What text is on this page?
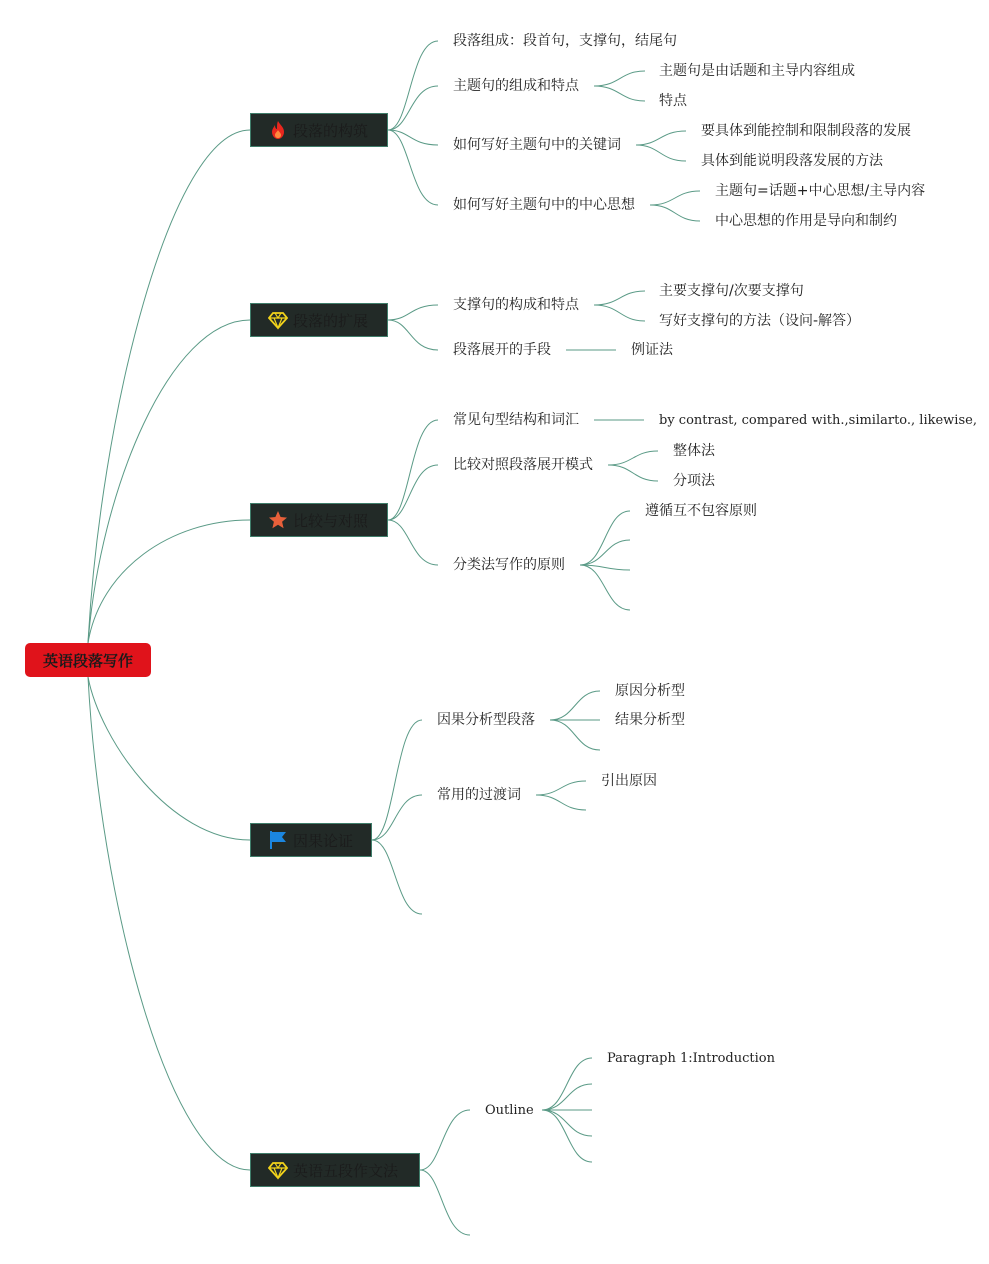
英语段落写作
段落的构筑
段落的扩展
比较与对照
因果论证
英语五段作文法
段落组成：段首句，支撑句，结尾句
主题句的组成和特点
主题句是由话题和主导内容组成
特点
如何写好主题句中的关键词
要具体到能控制和限制段落的发展
具体到能说明段落发展的方法
如何写好主题句中的中心思想
主题句=话题+中心思想/主导内容
中心思想的作用是导向和制约
支撑句的构成和特点
主要支撑句/次要支撑句
写好支撑句的方法（设问-解答）
段落展开的手段	例证法
常见句型结构和词汇	by contrast, compared with.,similarto., likewise,
比较对照段落展开模式
整体法
分项法
分类法写作的原则
遵循互不包容原则
因果分析型段落
原因分析型
结果分析型
常用的过渡词
引出原因
Outline
Paragraph 1:Introduction
